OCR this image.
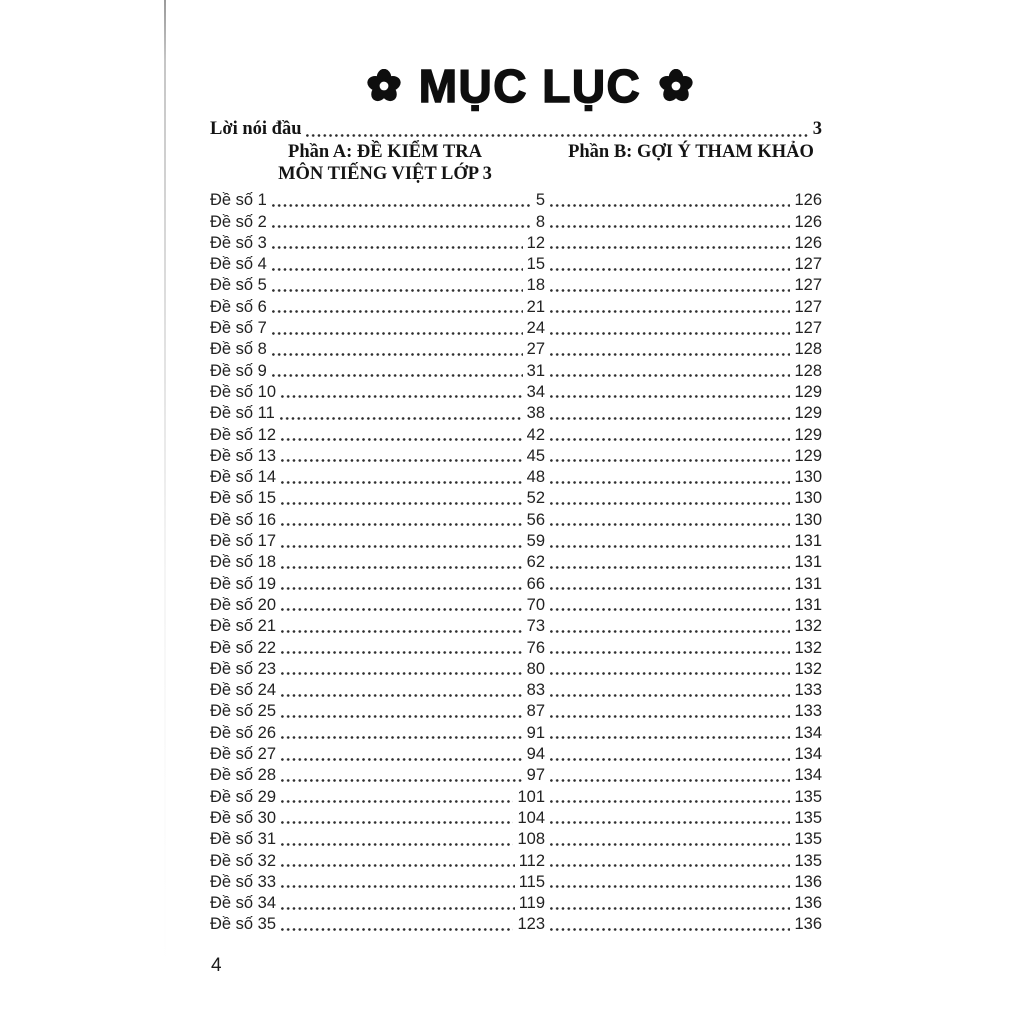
MỤC LỤC
Lời nói đầu	3
Phần A: ĐỀ KIỂM TRA
MÔN TIẾNG VIỆT LỚP 3
Phần B: GỢI Ý THAM KHẢO
Đề số 1	5	126
Đề số 2	8	126
Đề số 3	12	126
Đề số 4	15	127
Đề số 5	18	127
Đề số 6	21	127
Đề số 7	24	127
Đề số 8	27	128
Đề số 9	31	128
Đề số 10	34	129
Đề số 11	38	129
Đề số 12	42	129
Đề số 13	45	129
Đề số 14	48	130
Đề số 15	52	130
Đề số 16	56	130
Đề số 17	59	131
Đề số 18	62	131
Đề số 19	66	131
Đề số 20	70	131
Đề số 21	73	132
Đề số 22	76	132
Đề số 23	80	132
Đề số 24	83	133
Đề số 25	87	133
Đề số 26	91	134
Đề số 27	94	134
Đề số 28	97	134
Đề số 29	101	135
Đề số 30	104	135
Đề số 31	108	135
Đề số 32	112	135
Đề số 33	115	136
Đề số 34	119	136
Đề số 35	123	136
4
